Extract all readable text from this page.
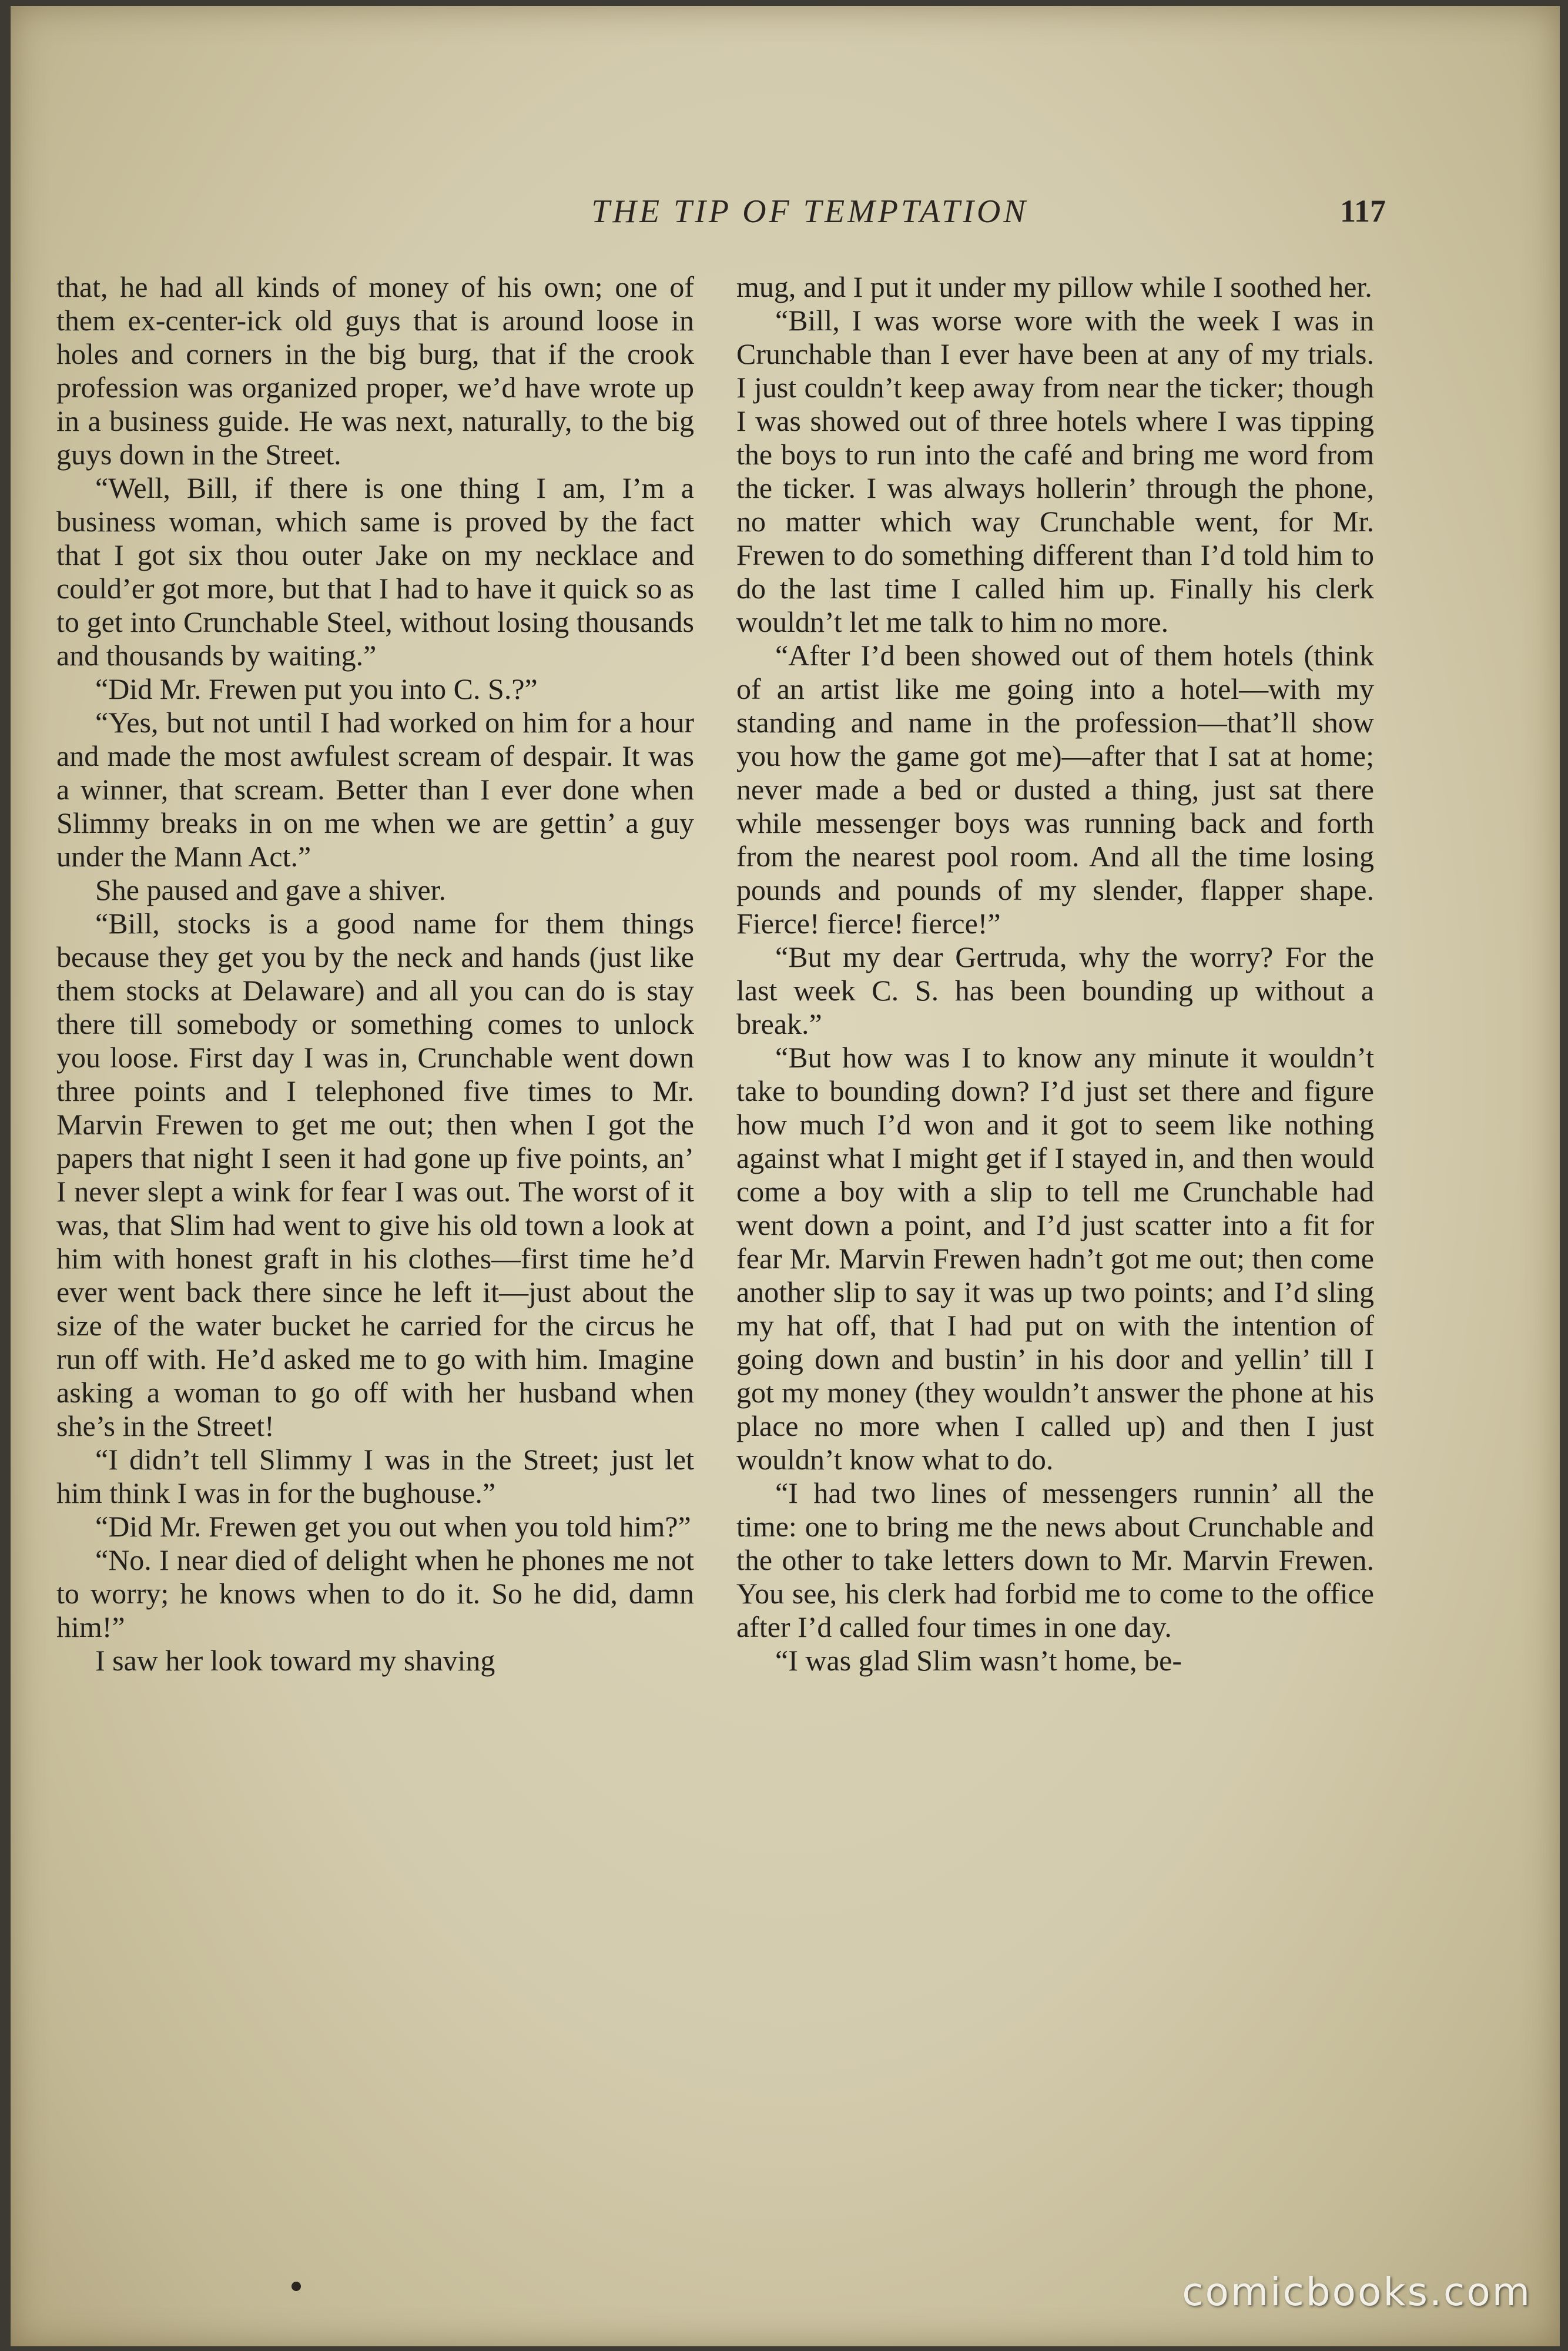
THE TIP OF TEMPTATION	117

that, he had all kinds of money of his own; one of them ex-center-ick old guys that is around loose in holes and corners in the big burg, that if the crook profession was organized proper, we’d have wrote up in a business guide. He was next, naturally, to the big guys down in the Street.

“Well, Bill, if there is one thing I am, I’m a business woman, which same is proved by the fact that I got six thou outer Jake on my necklace and could’er got more, but that I had to have it quick so as to get into Crunchable Steel, without losing thousands and thousands by waiting.”

“Did Mr. Frewen put you into C. S.?”

“Yes, but not until I had worked on him for a hour and made the most awfulest scream of despair. It was a winner, that scream. Better than I ever done when Slimmy breaks in on me when we are gettin’ a guy under the Mann Act.”

She paused and gave a shiver.

“Bill, stocks is a good name for them things because they get you by the neck and hands (just like them stocks at Delaware) and all you can do is stay there till somebody or something comes to unlock you loose. First day I was in, Crunchable went down three points and I telephoned five times to Mr. Marvin Frewen to get me out; then when I got the papers that night I seen it had gone up five points, an’ I never slept a wink for fear I was out. The worst of it was, that Slim had went to give his old town a look at him with honest graft in his clothes—first time he’d ever went back there since he left it—just about the size of the water bucket he carried for the circus he run off with. He’d asked me to go with him. Imagine asking a woman to go off with her husband when she’s in the Street!

“I didn’t tell Slimmy I was in the Street; just let him think I was in for the bughouse.”

“Did Mr. Frewen get you out when you told him?”

“No. I near died of delight when he phones me not to worry; he knows when to do it. So he did, damn him!”

I saw her look toward my shaving

mug, and I put it under my pillow while I soothed her.

“Bill, I was worse wore with the week I was in Crunchable than I ever have been at any of my trials. I just couldn’t keep away from near the ticker; though I was showed out of three hotels where I was tipping the boys to run into the café and bring me word from the ticker. I was always hollerin’ through the phone, no matter which way Crunchable went, for Mr. Frewen to do something different than I’d told him to do the last time I called him up. Finally his clerk wouldn’t let me talk to him no more.

“After I’d been showed out of them hotels (think of an artist like me going into a hotel—with my standing and name in the profession—that’ll show you how the game got me)—after that I sat at home; never made a bed or dusted a thing, just sat there while messenger boys was running back and forth from the nearest pool room. And all the time losing pounds and pounds of my slender, flapper shape. Fierce! fierce! fierce!”

“But my dear Gertruda, why the worry? For the last week C. S. has been bounding up without a break.”

“But how was I to know any minute it wouldn’t take to bounding down? I’d just set there and figure how much I’d won and it got to seem like nothing against what I might get if I stayed in, and then would come a boy with a slip to tell me Crunchable had went down a point, and I’d just scatter into a fit for fear Mr. Marvin Frewen hadn’t got me out; then come another slip to say it was up two points; and I’d sling my hat off, that I had put on with the intention of going down and bustin’ in his door and yellin’ till I got my money (they wouldn’t answer the phone at his place no more when I called up) and then I just wouldn’t know what to do.

“I had two lines of messengers runnin’ all the time: one to bring me the news about Crunchable and the other to take letters down to Mr. Marvin Frewen. You see, his clerk had forbid me to come to the office after I’d called four times in one day.

“I was glad Slim wasn’t home, be-

comicbooks.com
